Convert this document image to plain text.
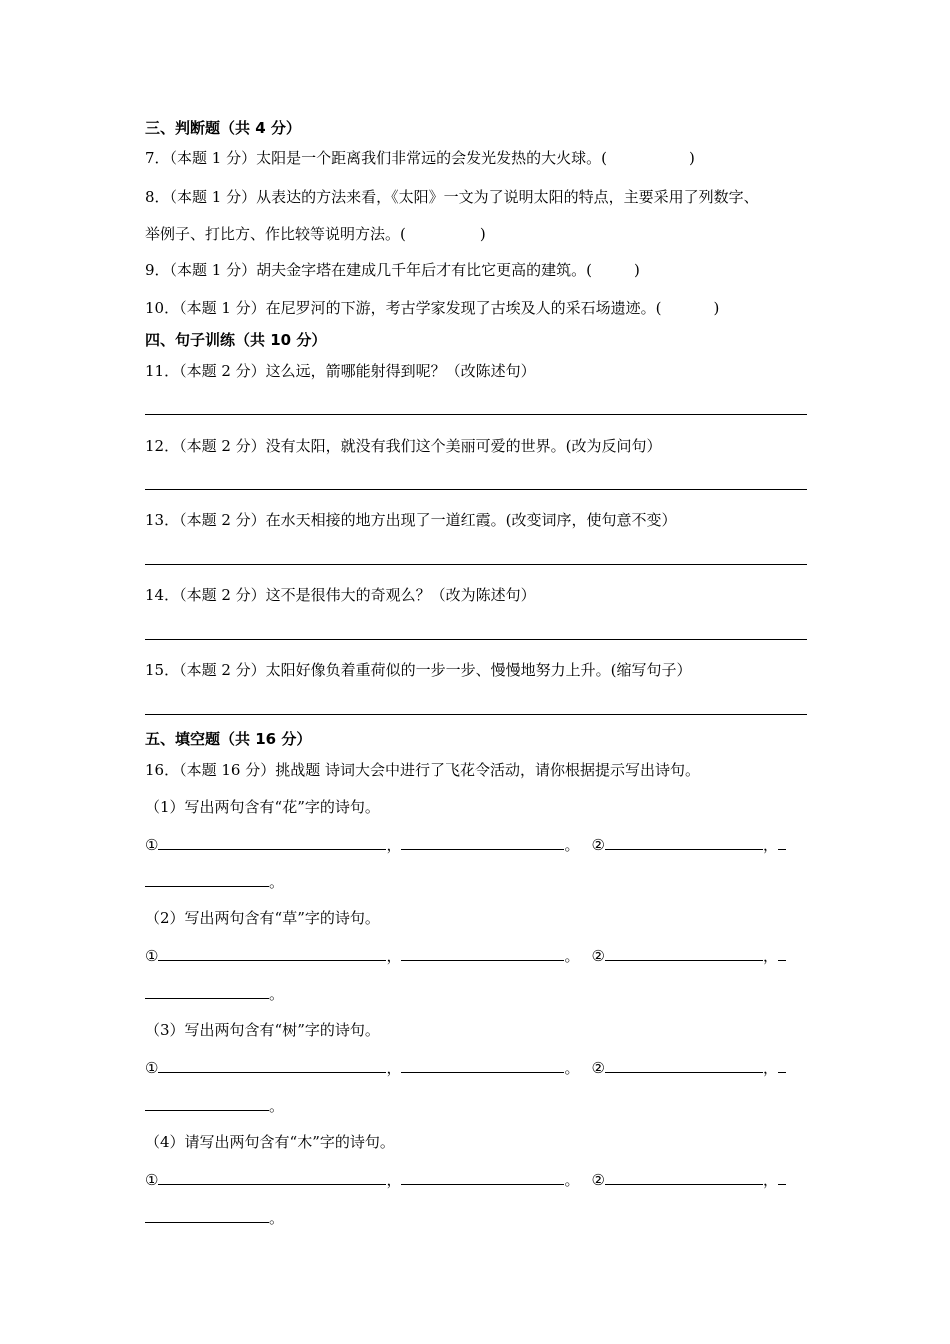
三、判断题（共 4 分）
7．（本题 1 分）太阳是一个距离我们非常远的会发光发热的大火球。(	)
8．（本题 1 分）从表达的方法来看，《太阳》一文为了说明太阳的特点，主要采用了列数字、
举例子、打比方、作比较等说明方法。(	)
9．（本题 1 分）胡夫金字塔在建成几千年后才有比它更高的建筑。(	)
10．（本题 1 分）在尼罗河的下游，考古学家发现了古埃及人的采石场遗迹。(	)
四、句子训练（共 10 分）
11．（本题 2 分）这么远，箭哪能射得到呢？（改陈述句）
12．（本题 2 分）没有太阳，就没有我们这个美丽可爱的世界。(改为反问句）
13．（本题 2 分）在水天相接的地方出现了一道红霞。(改变词序，使句意不变）
14．（本题 2 分）这不是很伟大的奇观么？（改为陈述句）
15．（本题 2 分）太阳好像负着重荷似的一步一步、慢慢地努力上升。(缩写句子）
五、填空题（共 16 分）
16．（本题 16 分）挑战题 诗词大会中进行了飞花令活动，请你根据提示写出诗句。
（1）写出两句含有“花”字的诗句。
①	，	。 ②	，
。
（2）写出两句含有“草”字的诗句。
①	，	。 ②	，
。
（3）写出两句含有“树”字的诗句。
①	，	。 ②	，
。
（4）请写出两句含有“木”字的诗句。
①	，	。 ②	，
。
